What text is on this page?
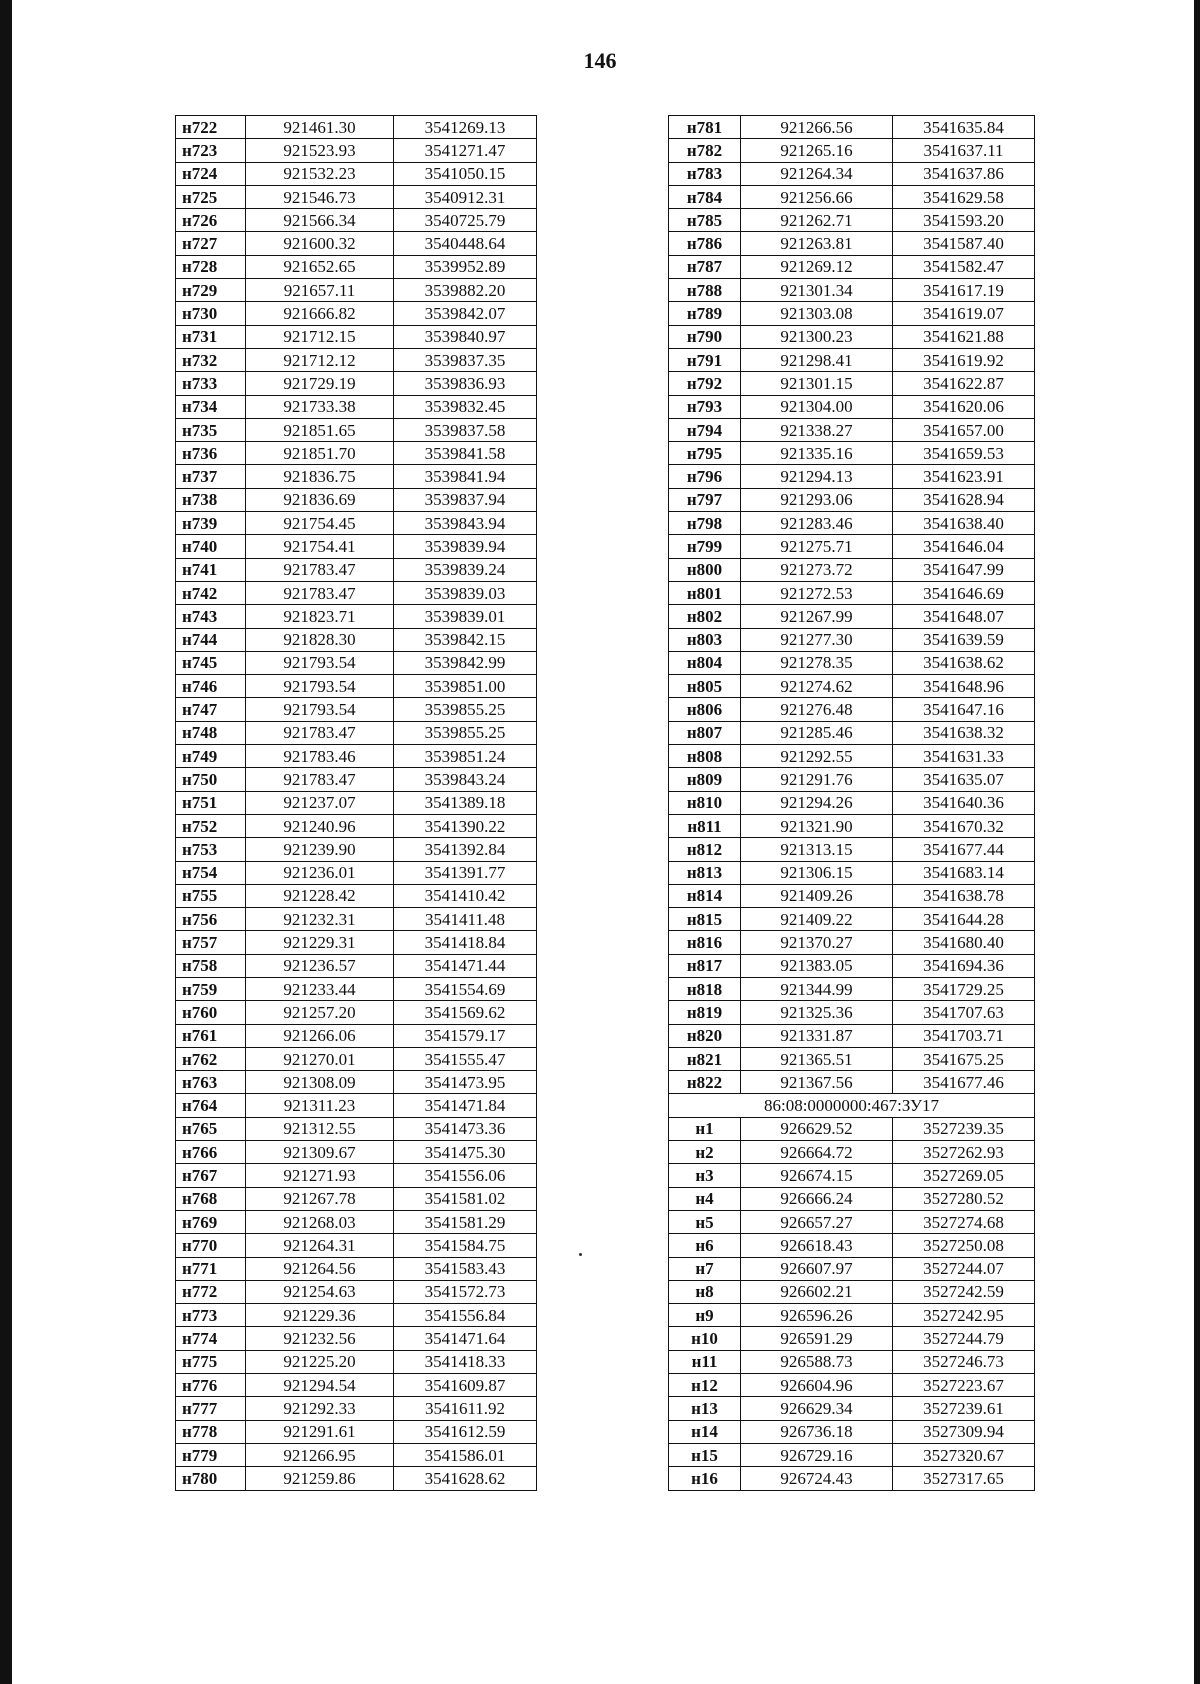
146
н722	921461.30	3541269.13
н723	921523.93	3541271.47
н724	921532.23	3541050.15
н725	921546.73	3540912.31
н726	921566.34	3540725.79
н727	921600.32	3540448.64
н728	921652.65	3539952.89
н729	921657.11	3539882.20
н730	921666.82	3539842.07
н731	921712.15	3539840.97
н732	921712.12	3539837.35
н733	921729.19	3539836.93
н734	921733.38	3539832.45
н735	921851.65	3539837.58
н736	921851.70	3539841.58
н737	921836.75	3539841.94
н738	921836.69	3539837.94
н739	921754.45	3539843.94
н740	921754.41	3539839.94
н741	921783.47	3539839.24
н742	921783.47	3539839.03
н743	921823.71	3539839.01
н744	921828.30	3539842.15
н745	921793.54	3539842.99
н746	921793.54	3539851.00
н747	921793.54	3539855.25
н748	921783.47	3539855.25
н749	921783.46	3539851.24
н750	921783.47	3539843.24
н751	921237.07	3541389.18
н752	921240.96	3541390.22
н753	921239.90	3541392.84
н754	921236.01	3541391.77
н755	921228.42	3541410.42
н756	921232.31	3541411.48
н757	921229.31	3541418.84
н758	921236.57	3541471.44
н759	921233.44	3541554.69
н760	921257.20	3541569.62
н761	921266.06	3541579.17
н762	921270.01	3541555.47
н763	921308.09	3541473.95
н764	921311.23	3541471.84
н765	921312.55	3541473.36
н766	921309.67	3541475.30
н767	921271.93	3541556.06
н768	921267.78	3541581.02
н769	921268.03	3541581.29
н770	921264.31	3541584.75
н771	921264.56	3541583.43
н772	921254.63	3541572.73
н773	921229.36	3541556.84
н774	921232.56	3541471.64
н775	921225.20	3541418.33
н776	921294.54	3541609.87
н777	921292.33	3541611.92
н778	921291.61	3541612.59
н779	921266.95	3541586.01
н780	921259.86	3541628.62
н781	921266.56	3541635.84
н782	921265.16	3541637.11
н783	921264.34	3541637.86
н784	921256.66	3541629.58
н785	921262.71	3541593.20
н786	921263.81	3541587.40
н787	921269.12	3541582.47
н788	921301.34	3541617.19
н789	921303.08	3541619.07
н790	921300.23	3541621.88
н791	921298.41	3541619.92
н792	921301.15	3541622.87
н793	921304.00	3541620.06
н794	921338.27	3541657.00
н795	921335.16	3541659.53
н796	921294.13	3541623.91
н797	921293.06	3541628.94
н798	921283.46	3541638.40
н799	921275.71	3541646.04
н800	921273.72	3541647.99
н801	921272.53	3541646.69
н802	921267.99	3541648.07
н803	921277.30	3541639.59
н804	921278.35	3541638.62
н805	921274.62	3541648.96
н806	921276.48	3541647.16
н807	921285.46	3541638.32
н808	921292.55	3541631.33
н809	921291.76	3541635.07
н810	921294.26	3541640.36
н811	921321.90	3541670.32
н812	921313.15	3541677.44
н813	921306.15	3541683.14
н814	921409.26	3541638.78
н815	921409.22	3541644.28
н816	921370.27	3541680.40
н817	921383.05	3541694.36
н818	921344.99	3541729.25
н819	921325.36	3541707.63
н820	921331.87	3541703.71
н821	921365.51	3541675.25
н822	921367.56	3541677.46
86:08:0000000:467:ЗУ17		
н1	926629.52	3527239.35
н2	926664.72	3527262.93
н3	926674.15	3527269.05
н4	926666.24	3527280.52
н5	926657.27	3527274.68
н6	926618.43	3527250.08
н7	926607.97	3527244.07
н8	926602.21	3527242.59
н9	926596.26	3527242.95
н10	926591.29	3527244.79
н11	926588.73	3527246.73
н12	926604.96	3527223.67
н13	926629.34	3527239.61
н14	926736.18	3527309.94
н15	926729.16	3527320.67
н16	926724.43	3527317.65
